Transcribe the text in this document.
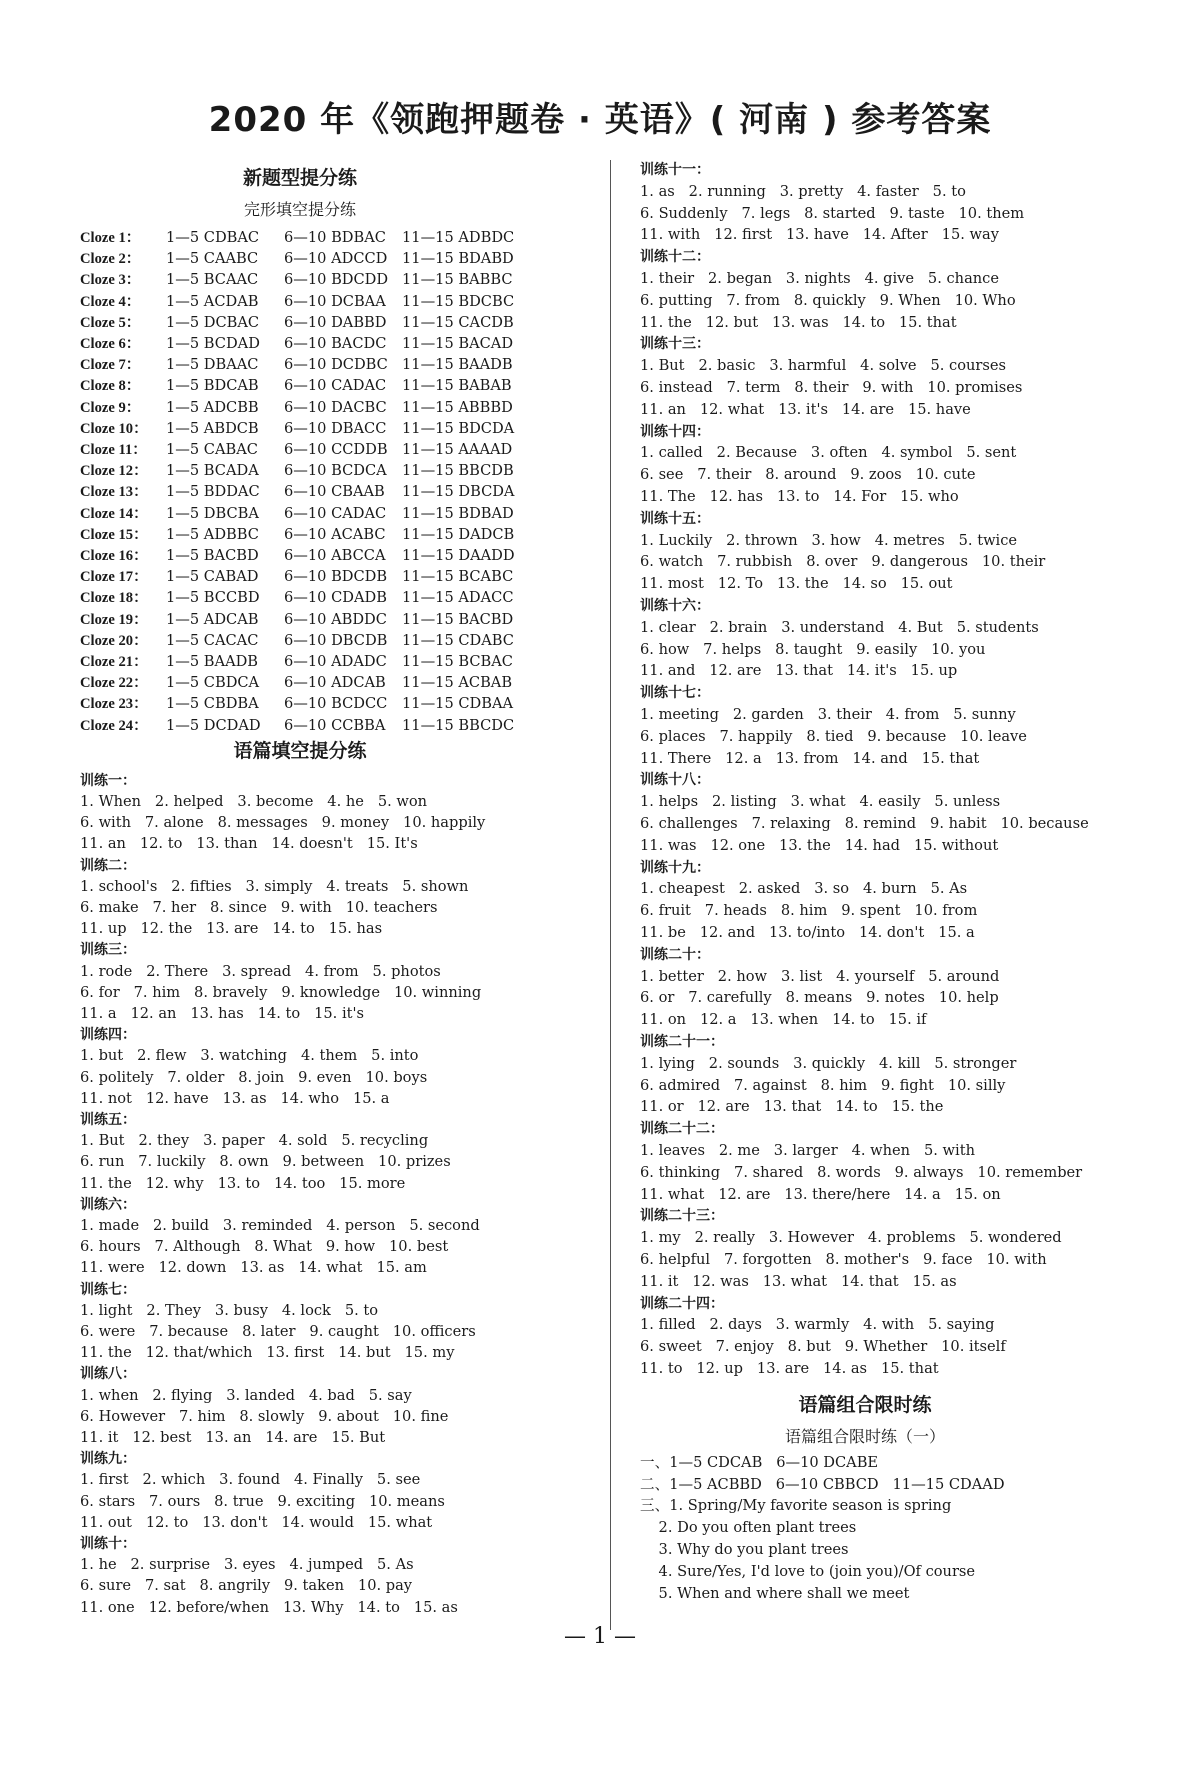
2020 年《领跑押题卷 · 英语》( 河南 ) 参考答案
新题型提分练
完形填空提分练
Cloze 1： 1—5 CDBAC 6—10 BDBAC 11—15 ADBDC
Cloze 2： 1—5 CAABC 6—10 ADCCD 11—15 BDABD
Cloze 3： 1—5 BCAAC 6—10 BDCDD 11—15 BABBC
Cloze 4： 1—5 ACDAB 6—10 DCBAA 11—15 BDCBC
Cloze 5： 1—5 DCBAC 6—10 DABBD 11—15 CACDB
Cloze 6： 1—5 BCDAD 6—10 BACDC 11—15 BACAD
Cloze 7： 1—5 DBAAC 6—10 DCDBC 11—15 BAADB
Cloze 8： 1—5 BDCAB 6—10 CADAC 11—15 BABAB
Cloze 9： 1—5 ADCBB 6—10 DACBC 11—15 ABBBD
Cloze 10： 1—5 ABDCB 6—10 DBACC 11—15 BDCDA
Cloze 11： 1—5 CABAC 6—10 CCDDB 11—15 AAAAD
Cloze 12： 1—5 BCADA 6—10 BCDCA 11—15 BBCDB
Cloze 13： 1—5 BDDAC 6—10 CBAAB 11—15 DBCDA
Cloze 14： 1—5 DBCBA 6—10 CADAC 11—15 BDBAD
Cloze 15： 1—5 ADBBC 6—10 ACABC 11—15 DADCB
Cloze 16： 1—5 BACBD 6—10 ABCCA 11—15 DAADD
Cloze 17： 1—5 CABAD 6—10 BDCDB 11—15 BCABC
Cloze 18： 1—5 BCCBD 6—10 CDADB 11—15 ADACC
Cloze 19： 1—5 ADCAB 6—10 ABDDC 11—15 BACBD
Cloze 20： 1—5 CACAC 6—10 DBCDB 11—15 CDABC
Cloze 21： 1—5 BAADB 6—10 ADADC 11—15 BCBAC
Cloze 22： 1—5 CBDCA 6—10 ADCAB 11—15 ACBAB
Cloze 23： 1—5 CBDBA 6—10 BCDCC 11—15 CDBAA
Cloze 24： 1—5 DCDAD 6—10 CCBBA 11—15 BBCDC
语篇填空提分练
训练一：
1. When   2. helped   3. become   4. he   5. won
6. with   7. alone   8. messages   9. money   10. happily
11. an   12. to   13. than   14. doesn't   15. It's
训练二：
1. school's   2. fifties   3. simply   4. treats   5. shown
6. make   7. her   8. since   9. with   10. teachers
11. up   12. the   13. are   14. to   15. has
训练三：
1. rode   2. There   3. spread   4. from   5. photos
6. for   7. him   8. bravely   9. knowledge   10. winning
11. a   12. an   13. has   14. to   15. it's
训练四：
1. but   2. flew   3. watching   4. them   5. into
6. politely   7. older   8. join   9. even   10. boys
11. not   12. have   13. as   14. who   15. a
训练五：
1. But   2. they   3. paper   4. sold   5. recycling
6. run   7. luckily   8. own   9. between   10. prizes
11. the   12. why   13. to   14. too   15. more
训练六：
1. made   2. build   3. reminded   4. person   5. second
6. hours   7. Although   8. What   9. how   10. best
11. were   12. down   13. as   14. what   15. am
训练七：
1. light   2. They   3. busy   4. lock   5. to
6. were   7. because   8. later   9. caught   10. officers
11. the   12. that/which   13. first   14. but   15. my
训练八：
1. when   2. flying   3. landed   4. bad   5. say
6. However   7. him   8. slowly   9. about   10. fine
11. it   12. best   13. an   14. are   15. But
训练九：
1. first   2. which   3. found   4. Finally   5. see
6. stars   7. ours   8. true   9. exciting   10. means
11. out   12. to   13. don't   14. would   15. what
训练十：
1. he   2. surprise   3. eyes   4. jumped   5. As
6. sure   7. sat   8. angrily   9. taken   10. pay
11. one   12. before/when   13. Why   14. to   15. as
训练十一：
1. as   2. running   3. pretty   4. faster   5. to
6. Suddenly   7. legs   8. started   9. taste   10. them
11. with   12. first   13. have   14. After   15. way
训练十二：
1. their   2. began   3. nights   4. give   5. chance
6. putting   7. from   8. quickly   9. When   10. Who
11. the   12. but   13. was   14. to   15. that
训练十三：
1. But   2. basic   3. harmful   4. solve   5. courses
6. instead   7. term   8. their   9. with   10. promises
11. an   12. what   13. it's   14. are   15. have
训练十四：
1. called   2. Because   3. often   4. symbol   5. sent
6. see   7. their   8. around   9. zoos   10. cute
11. The   12. has   13. to   14. For   15. who
训练十五：
1. Luckily   2. thrown   3. how   4. metres   5. twice
6. watch   7. rubbish   8. over   9. dangerous   10. their
11. most   12. To   13. the   14. so   15. out
训练十六：
1. clear   2. brain   3. understand   4. But   5. students
6. how   7. helps   8. taught   9. easily   10. you
11. and   12. are   13. that   14. it's   15. up
训练十七：
1. meeting   2. garden   3. their   4. from   5. sunny
6. places   7. happily   8. tied   9. because   10. leave
11. There   12. a   13. from   14. and   15. that
训练十八：
1. helps   2. listing   3. what   4. easily   5. unless
6. challenges   7. relaxing   8. remind   9. habit   10. because
11. was   12. one   13. the   14. had   15. without
训练十九：
1. cheapest   2. asked   3. so   4. burn   5. As
6. fruit   7. heads   8. him   9. spent   10. from
11. be   12. and   13. to/into   14. don't   15. a
训练二十：
1. better   2. how   3. list   4. yourself   5. around
6. or   7. carefully   8. means   9. notes   10. help
11. on   12. a   13. when   14. to   15. if
训练二十一：
1. lying   2. sounds   3. quickly   4. kill   5. stronger
6. admired   7. against   8. him   9. fight   10. silly
11. or   12. are   13. that   14. to   15. the
训练二十二：
1. leaves   2. me   3. larger   4. when   5. with
6. thinking   7. shared   8. words   9. always   10. remember
11. what   12. are   13. there/here   14. a   15. on
训练二十三：
1. my   2. really   3. However   4. problems   5. wondered
6. helpful   7. forgotten   8. mother's   9. face   10. with
11. it   12. was   13. what   14. that   15. as
训练二十四：
1. filled   2. days   3. warmly   4. with   5. saying
6. sweet   7. enjoy   8. but   9. Whether   10. itself
11. to   12. up   13. are   14. as   15. that
语篇组合限时练
语篇组合限时练（一）
一、1—5 CDCAB   6—10 DCABE
二、1—5 ACBBD   6—10 CBBCD   11—15 CDAAD
三、1. Spring/My favorite season is spring
2. Do you often plant trees
3. Why do you plant trees
4. Sure/Yes, I'd love to (join you)/Of course
5. When and where shall we meet
— 1 —
